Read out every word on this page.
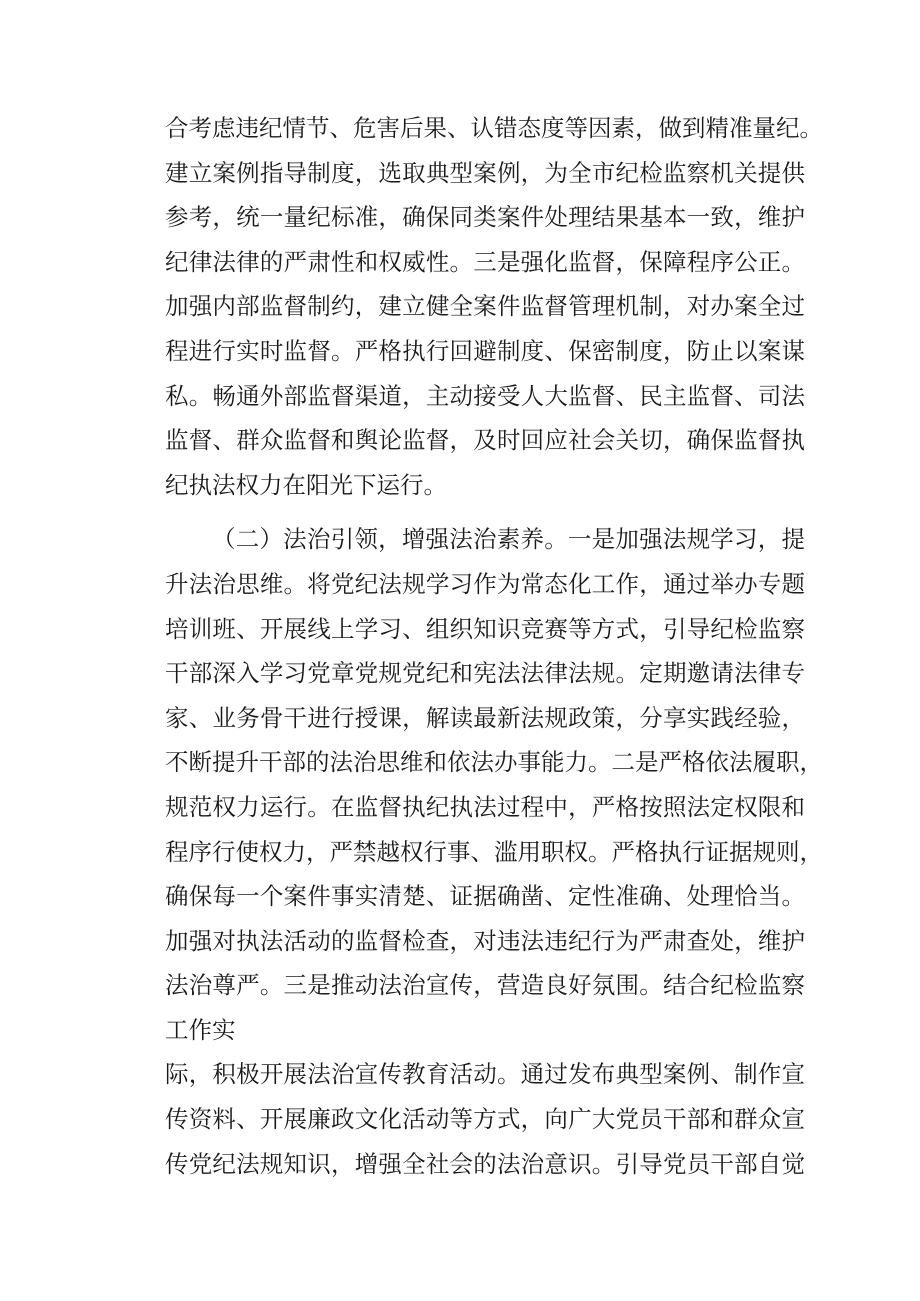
合考虑违纪情节、危害后果、认错态度等因素，做到精准量纪。
建立案例指导制度，选取典型案例，为全市纪检监察机关提供
参考，统一量纪标准，确保同类案件处理结果基本一致，维护
纪律法律的严肃性和权威性。三是强化监督，保障程序公正。
加强内部监督制约，建立健全案件监督管理机制，对办案全过
程进行实时监督。严格执行回避制度、保密制度，防止以案谋
私。畅通外部监督渠道，主动接受人大监督、民主监督、司法
监督、群众监督和舆论监督，及时回应社会关切，确保监督执
纪执法权力在阳光下运行。
（二）法治引领，增强法治素养。一是加强法规学习，提
升法治思维。将党纪法规学习作为常态化工作，通过举办专题
培训班、开展线上学习、组织知识竞赛等方式，引导纪检监察
干部深入学习党章党规党纪和宪法法律法规。定期邀请法律专
家、业务骨干进行授课，解读最新法规政策，分享实践经验，
不断提升干部的法治思维和依法办事能力。二是严格依法履职，
规范权力运行。在监督执纪执法过程中，严格按照法定权限和
程序行使权力，严禁越权行事、滥用职权。严格执行证据规则，
确保每一个案件事实清楚、证据确凿、定性准确、处理恰当。
加强对执法活动的监督检查，对违法违纪行为严肃查处，维护
法治尊严。三是推动法治宣传，营造良好氛围。结合纪检监察
工作实
际，积极开展法治宣传教育活动。通过发布典型案例、制作宣
传资料、开展廉政文化活动等方式，向广大党员干部和群众宣
传党纪法规知识，增强全社会的法治意识。引导党员干部自觉
